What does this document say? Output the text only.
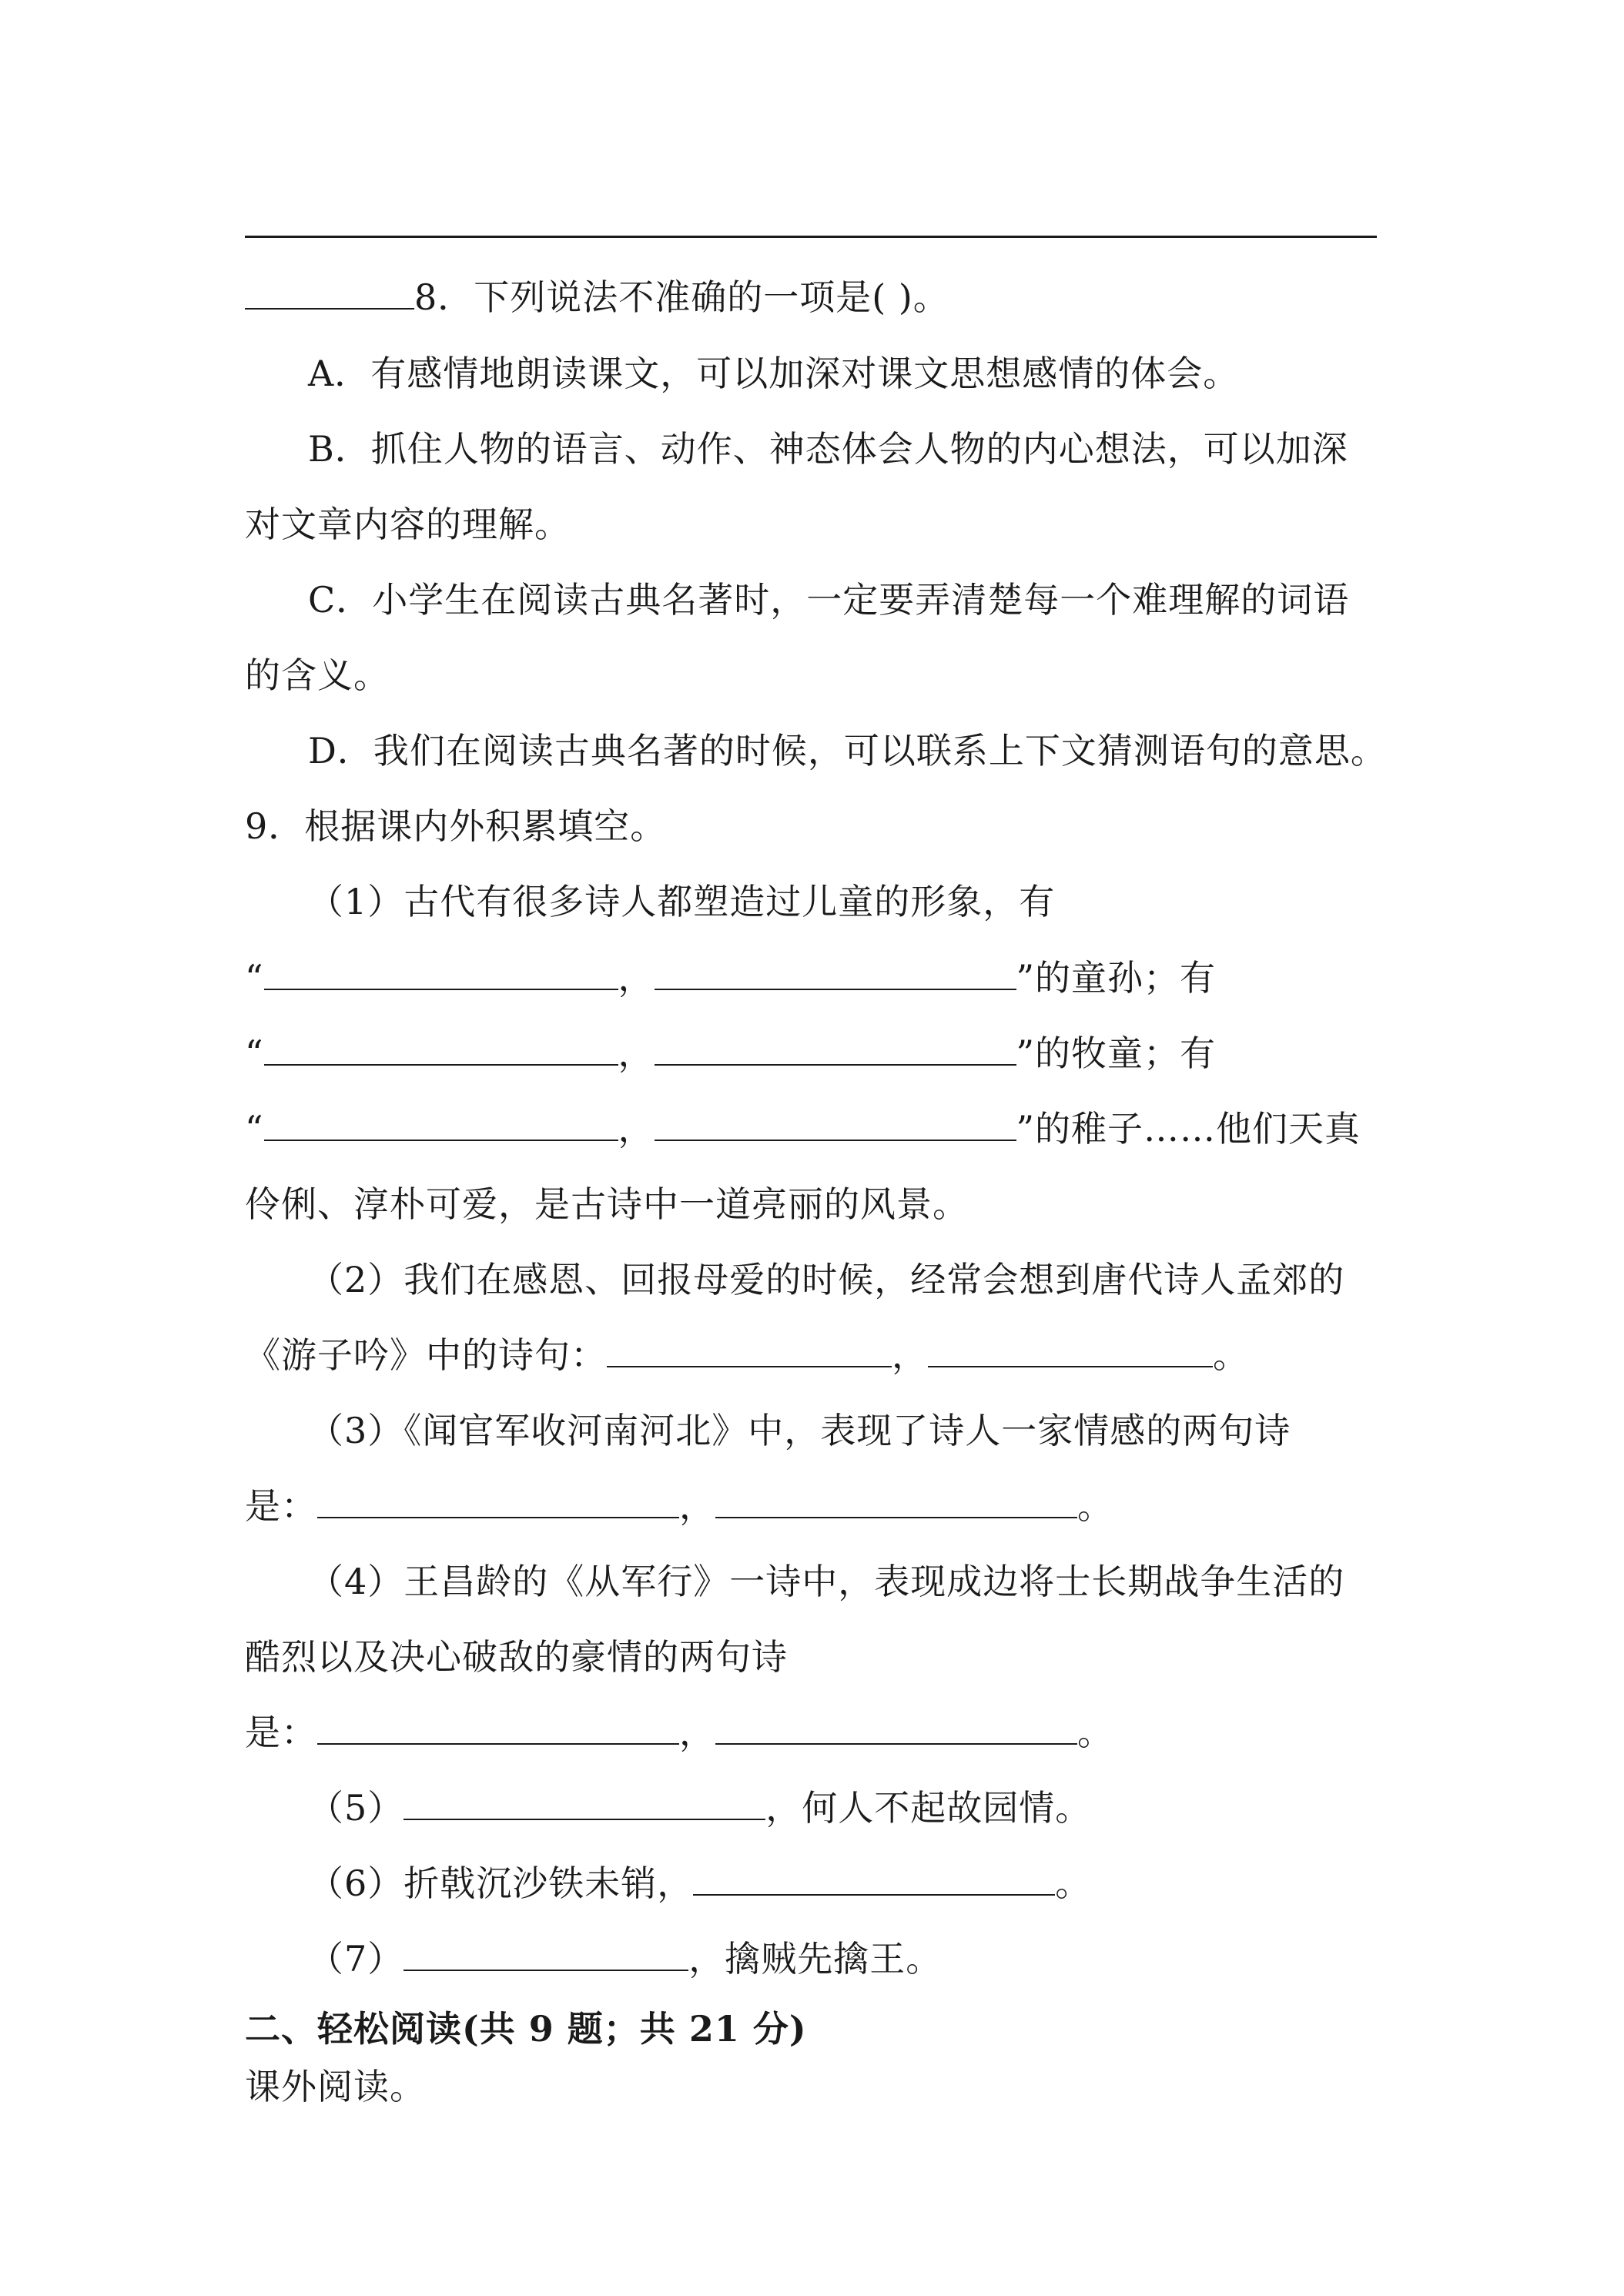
8．下列说法不准确的一项是( )。
A．有感情地朗读课文，可以加深对课文思想感情的体会。
B．抓住人物的语言、动作、神态体会人物的内心想法，可以加深
对文章内容的理解。
C．小学生在阅读古典名著时，一定要弄清楚每一个难理解的词语
的含义。
D．我们在阅读古典名著的时候，可以联系上下文猜测语句的意思。
9．根据课内外积累填空。
（1）古代有很多诗人都塑造过儿童的形象，有
“	，	”的童孙；有
“	，	”的牧童；有
“	，	”的稚子……他们天真
伶俐、淳朴可爱，是古诗中一道亮丽的风景。
（2）我们在感恩、回报母爱的时候，经常会想到唐代诗人孟郊的
《游子吟》中的诗句：	，	。
（3）《闻官军收河南河北》中，表现了诗人一家情感的两句诗
是：	，	。
（4）王昌龄的《从军行》一诗中，表现成边将士长期战争生活的
酷烈以及决心破敌的豪情的两句诗
是：	，	。
（5）	，何人不起故园情。
（6）折戟沉沙铁未销，	。
（7）	，擒贼先擒王。
二、轻松阅读(共 9 题；共 21 分)
课外阅读。
